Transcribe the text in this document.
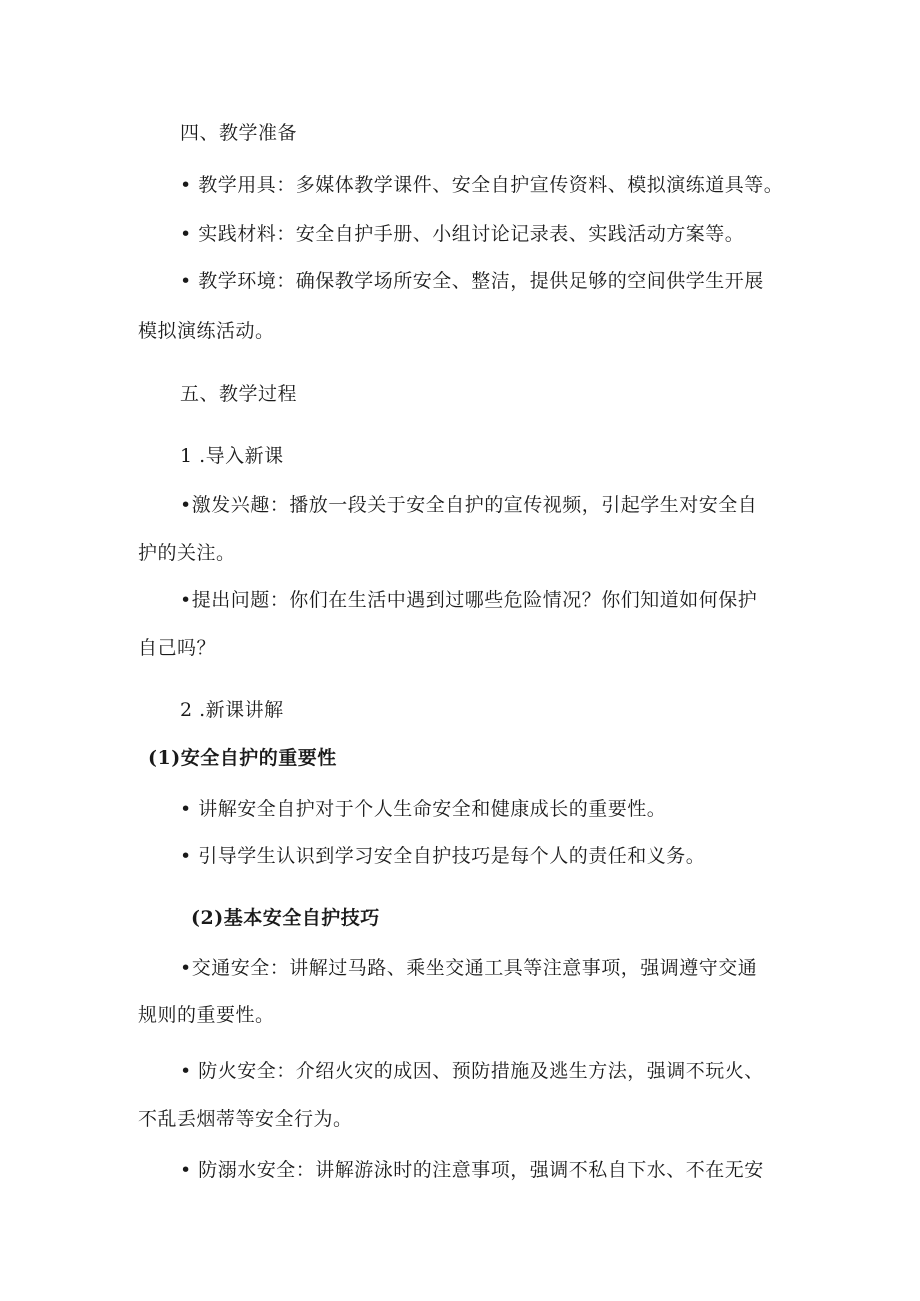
四、教学准备
• 教学用具：多媒体教学课件、安全自护宣传资料、模拟演练道具等。
• 实践材料：安全自护手册、小组讨论记录表、实践活动方案等。
• 教学环境：确保教学场所安全、整洁，提供足够的空间供学生开展
模拟演练活动。
五、教学过程
1 .导入新课
•激发兴趣：播放一段关于安全自护的宣传视频，引起学生对安全自
护的关注。
•提出问题：你们在生活中遇到过哪些危险情况？你们知道如何保护
自己吗？
2 .新课讲解
(1)安全自护的重要性
• 讲解安全自护对于个人生命安全和健康成长的重要性。
• 引导学生认识到学习安全自护技巧是每个人的责任和义务。
(2)基本安全自护技巧
•交通安全：讲解过马路、乘坐交通工具等注意事项，强调遵守交通
规则的重要性。
• 防火安全：介绍火灾的成因、预防措施及逃生方法，强调不玩火、
不乱丢烟蒂等安全行为。
• 防溺水安全：讲解游泳时的注意事项，强调不私自下水、不在无安
